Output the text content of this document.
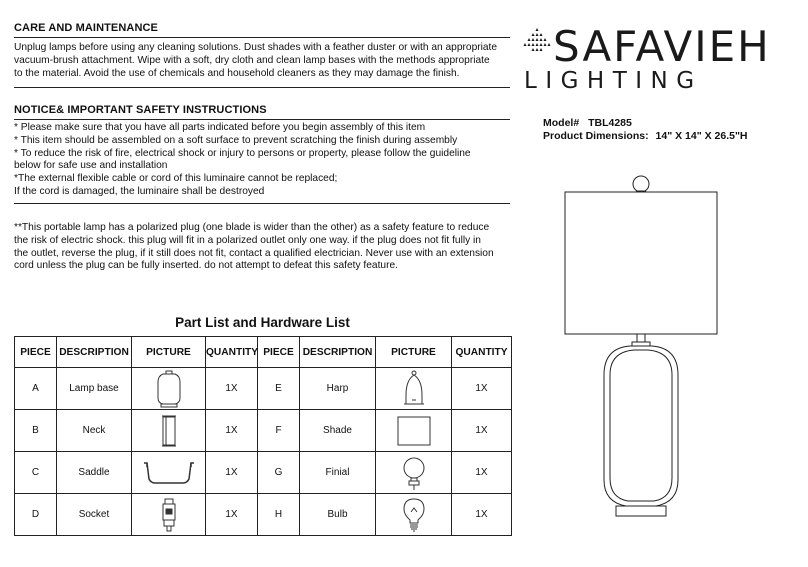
CARE AND MAINTENANCE
Unplug lamps before using any cleaning solutions. Dust shades with a feather duster or with an appropriate
vacuum-brush attachment. Wipe with a soft, dry cloth and clean lamp bases with the methods appropriate
to the material. Avoid the use of chemicals and household cleaners as they may damage the finish.
NOTICE& IMPORTANT SAFETY INSTRUCTIONS
* Please make sure that you have all parts indicated before you begin assembly of this item
* This item should be assembled on a soft surface to prevent scratching the finish during assembly
* To reduce the risk of fire, electrical shock or injury to persons or property, please follow the guideline
below for safe use and installation
*The external flexible cable or cord of this luminaire cannot be replaced;
If the cord is damaged, the luminaire shall be destroyed
**This portable lamp has a polarized plug (one blade is wider than the other) as a safety feature to reduce
the risk of electric shock. this plug will fit in a polarized outlet only one way. if the plug does not fit fully in
the outlet, reverse the plug, if it still does not fit, contact a qualified electrician. Never use with an extension
cord unless the plug can be fully inserted. do not attempt to defeat this safety feature.
SAFAVIEH
LIGHTING
Model# TBL4285
Product Dimensions: 14" X 14" X 26.5"H
Part List and Hardware List
PIECE	DESCRIPTION	PICTURE	QUANTITY	PIECE	DESCRIPTION	PICTURE	QUANTITY
A	Lamp base		1X	E	Harp		1X
B	Neck		1X	F	Shade		1X
C	Saddle		1X	G	Finial		1X
D	Socket		1X	H	Bulb		1X
